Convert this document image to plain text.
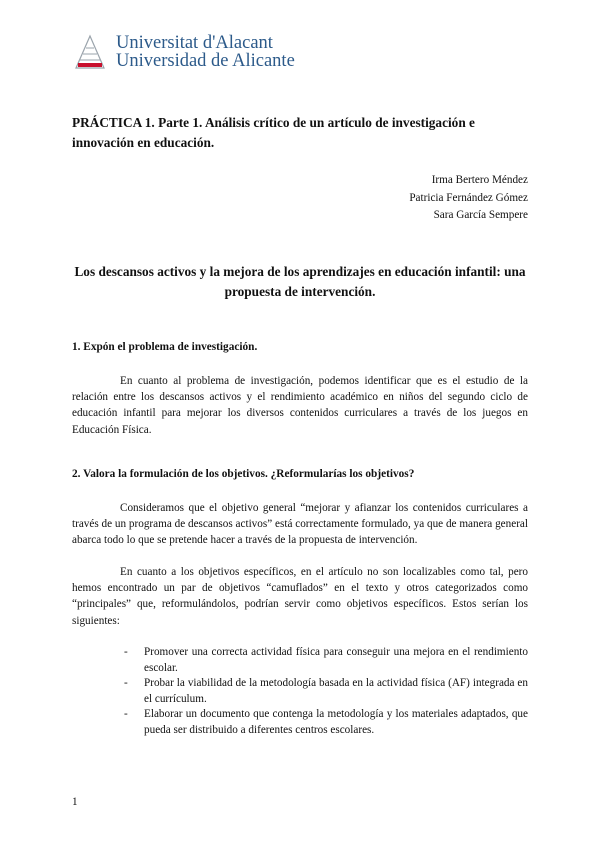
Universitat d'Alacant
Universidad de Alicante
PRÁCTICA 1. Parte 1. Análisis crítico de un artículo de investigación e innovación en educación.
Irma Bertero Méndez
Patricia Fernández Gómez
Sara García Sempere
Los descansos activos y la mejora de los aprendizajes en educación infantil: una propuesta de intervención.
1. Expón el problema de investigación.

En cuanto al problema de investigación, podemos identificar que es el estudio de la relación entre los descansos activos y el rendimiento académico en niños del segundo ciclo de educación infantil para mejorar los diversos contenidos curriculares a través de los juegos en Educación Física.

2. Valora la formulación de los objetivos. ¿Reformularías los objetivos?

Consideramos que el objetivo general “mejorar y afianzar los contenidos curriculares a través de un programa de descansos activos” está correctamente formulado, ya que de manera general abarca todo lo que se pretende hacer a través de la propuesta de intervención.

En cuanto a los objetivos específicos, en el artículo no son localizables como tal, pero hemos encontrado un par de objetivos “camuflados” en el texto y otros categorizados como “principales” que, reformulándolos, podrían servir como objetivos específicos. Estos serían los siguientes:

- Promover una correcta actividad física para conseguir una mejora en el rendimiento escolar.
- Probar la viabilidad de la metodología basada en la actividad física (AF) integrada en el currículum.
- Elaborar un documento que contenga la metodología y los materiales adaptados, que pueda ser distribuido a diferentes centros escolares.
1
